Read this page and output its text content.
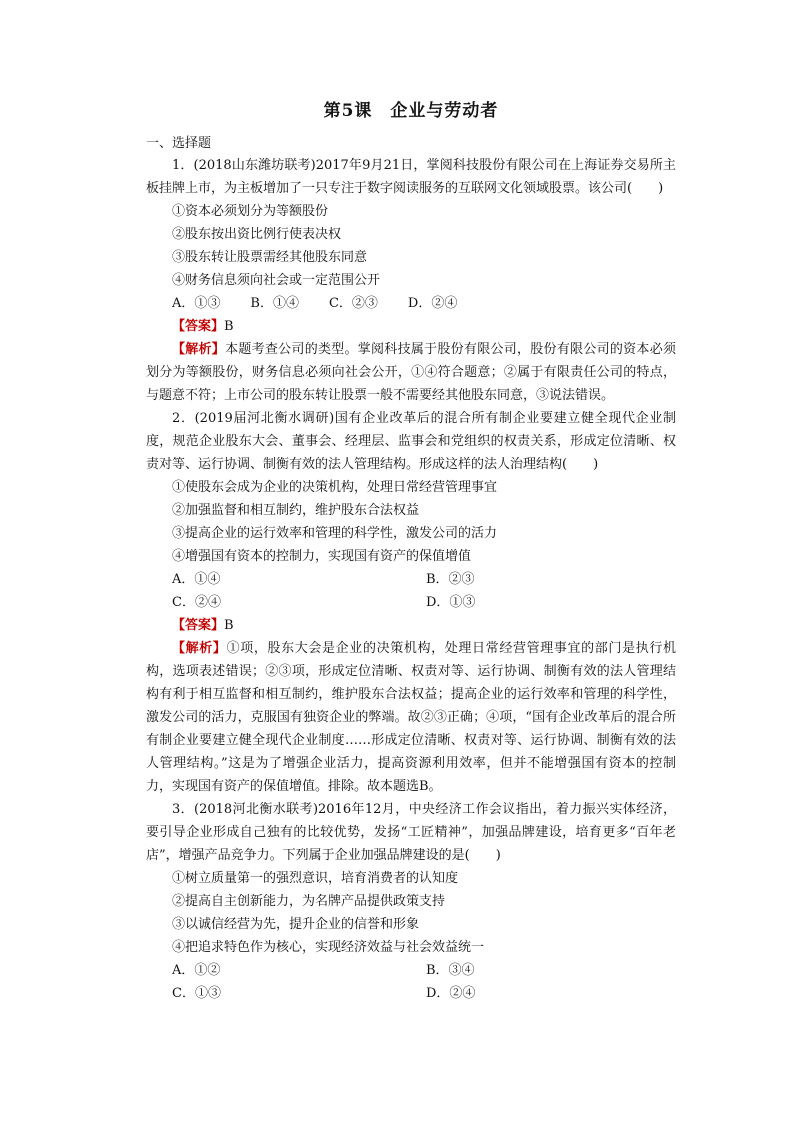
第5课　企业与劳动者

一、选择题

1．(2018山东潍坊联考)2017年9月21日，掌阅科技股份有限公司在上海证券交易所主板挂牌上市，为主板增加了一只专注于数字阅读服务的互联网文化领域股票。该公司(　　)

①资本必须划分为等额股份

②股东按出资比例行使表决权

③股东转让股票需经其他股东同意

④财务信息须向社会或一定范围公开

A．①③ B．①④ C．②③ D．②④

【答案】B

【解析】本题考查公司的类型。掌阅科技属于股份有限公司，股份有限公司的资本必须划分为等额股份，财务信息必须向社会公开，①④符合题意；②属于有限责任公司的特点，与题意不符；上市公司的股东转让股票一般不需要经其他股东同意，③说法错误。

2．(2019届河北衡水调研)国有企业改革后的混合所有制企业要建立健全现代企业制度，规范企业股东大会、董事会、经理层、监事会和党组织的权责关系，形成定位清晰、权责对等、运行协调、制衡有效的法人管理结构。形成这样的法人治理结构(　　)

①使股东会成为企业的决策机构，处理日常经营管理事宜

②加强监督和相互制约，维护股东合法权益

③提高企业的运行效率和管理的科学性，激发公司的活力

④增强国有资本的控制力，实现国有资产的保值增值

A．①④	B．②③
C．②④	D．①③

【答案】B

【解析】①项，股东大会是企业的决策机构，处理日常经营管理事宜的部门是执行机构，选项表述错误；②③项，形成定位清晰、权责对等、运行协调、制衡有效的法人管理结构有利于相互监督和相互制约，维护股东合法权益；提高企业的运行效率和管理的科学性，激发公司的活力，克服国有独资企业的弊端。故②③正确；④项，“国有企业改革后的混合所有制企业要建立健全现代企业制度……形成定位清晰、权责对等、运行协调、制衡有效的法人管理结构。”这是为了增强企业活力，提高资源利用效率，但并不能增强国有资本的控制力，实现国有资产的保值增值。排除。故本题选B。

3．(2018河北衡水联考)2016年12月，中央经济工作会议指出，着力振兴实体经济，要引导企业形成自己独有的比较优势，发扬“工匠精神”，加强品牌建设，培育更多“百年老店”，增强产品竞争力。下列属于企业加强品牌建设的是(　　)

①树立质量第一的强烈意识，培育消费者的认知度

②提高自主创新能力，为名牌产品提供政策支持

③以诚信经营为先，提升企业的信誉和形象

④把追求特色作为核心，实现经济效益与社会效益统一

A．①②	B．③④
C．①③	D．②④
